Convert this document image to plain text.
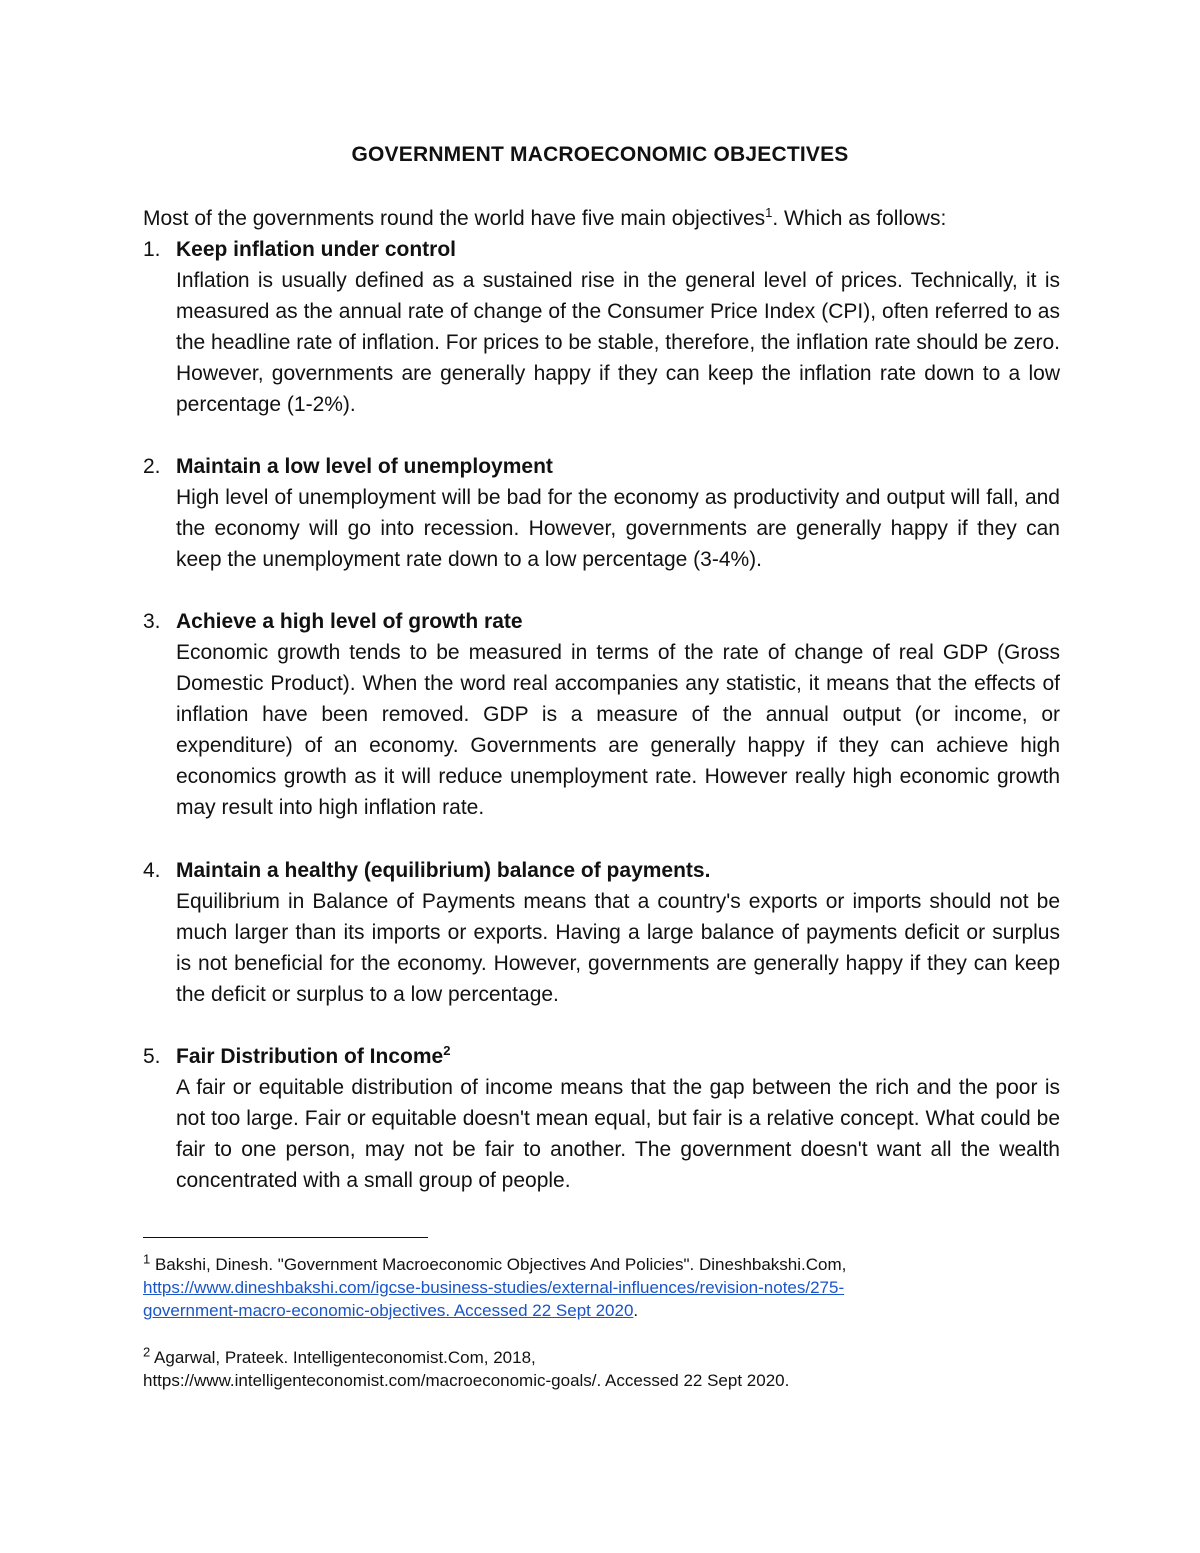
GOVERNMENT MACROECONOMIC OBJECTIVES
Most of the governments round the world have five main objectives$^1$. Which as follows:
1. Keep inflation under control
Inflation is usually defined as a sustained rise in the general level of prices. Technically, it is measured as the annual rate of change of the Consumer Price Index (CPI), often referred to as the headline rate of inflation. For prices to be stable, therefore, the inflation rate should be zero. However, governments are generally happy if they can keep the inflation rate down to a low percentage (1-2%).
2. Maintain a low level of unemployment
High level of unemployment will be bad for the economy as productivity and output will fall, and the economy will go into recession. However, governments are generally happy if they can keep the unemployment rate down to a low percentage (3-4%).
3. Achieve a high level of growth rate
Economic growth tends to be measured in terms of the rate of change of real GDP (Gross Domestic Product). When the word real accompanies any statistic, it means that the effects of inflation have been removed. GDP is a measure of the annual output (or income, or expenditure) of an economy. Governments are generally happy if they can achieve high economics growth as it will reduce unemployment rate. However really high economic growth may result into high inflation rate.
4. Maintain a healthy (equilibrium) balance of payments.
Equilibrium in Balance of Payments means that a country's exports or imports should not be much larger than its imports or exports. Having a large balance of payments deficit or surplus is not beneficial for the economy. However, governments are generally happy if they can keep the deficit or surplus to a low percentage.
5. Fair Distribution of Income$^2$
A fair or equitable distribution of income means that the gap between the rich and the poor is not too large. Fair or equitable doesn't mean equal, but fair is a relative concept. What could be fair to one person, may not be fair to another. The government doesn't want all the wealth concentrated with a small group of people.
$^1$ Bakshi, Dinesh. "Government Macroeconomic Objectives And Policies". Dineshbakshi.Com,
https://www.dineshbakshi.com/igcse-business-studies/external-influences/revision-notes/275-
government-macro-economic-objectives. Accessed 22 Sept 2020.
$^2$ Agarwal, Prateek. Intelligenteconomist.Com, 2018,
https://www.intelligenteconomist.com/macroeconomic-goals/. Accessed 22 Sept 2020.
